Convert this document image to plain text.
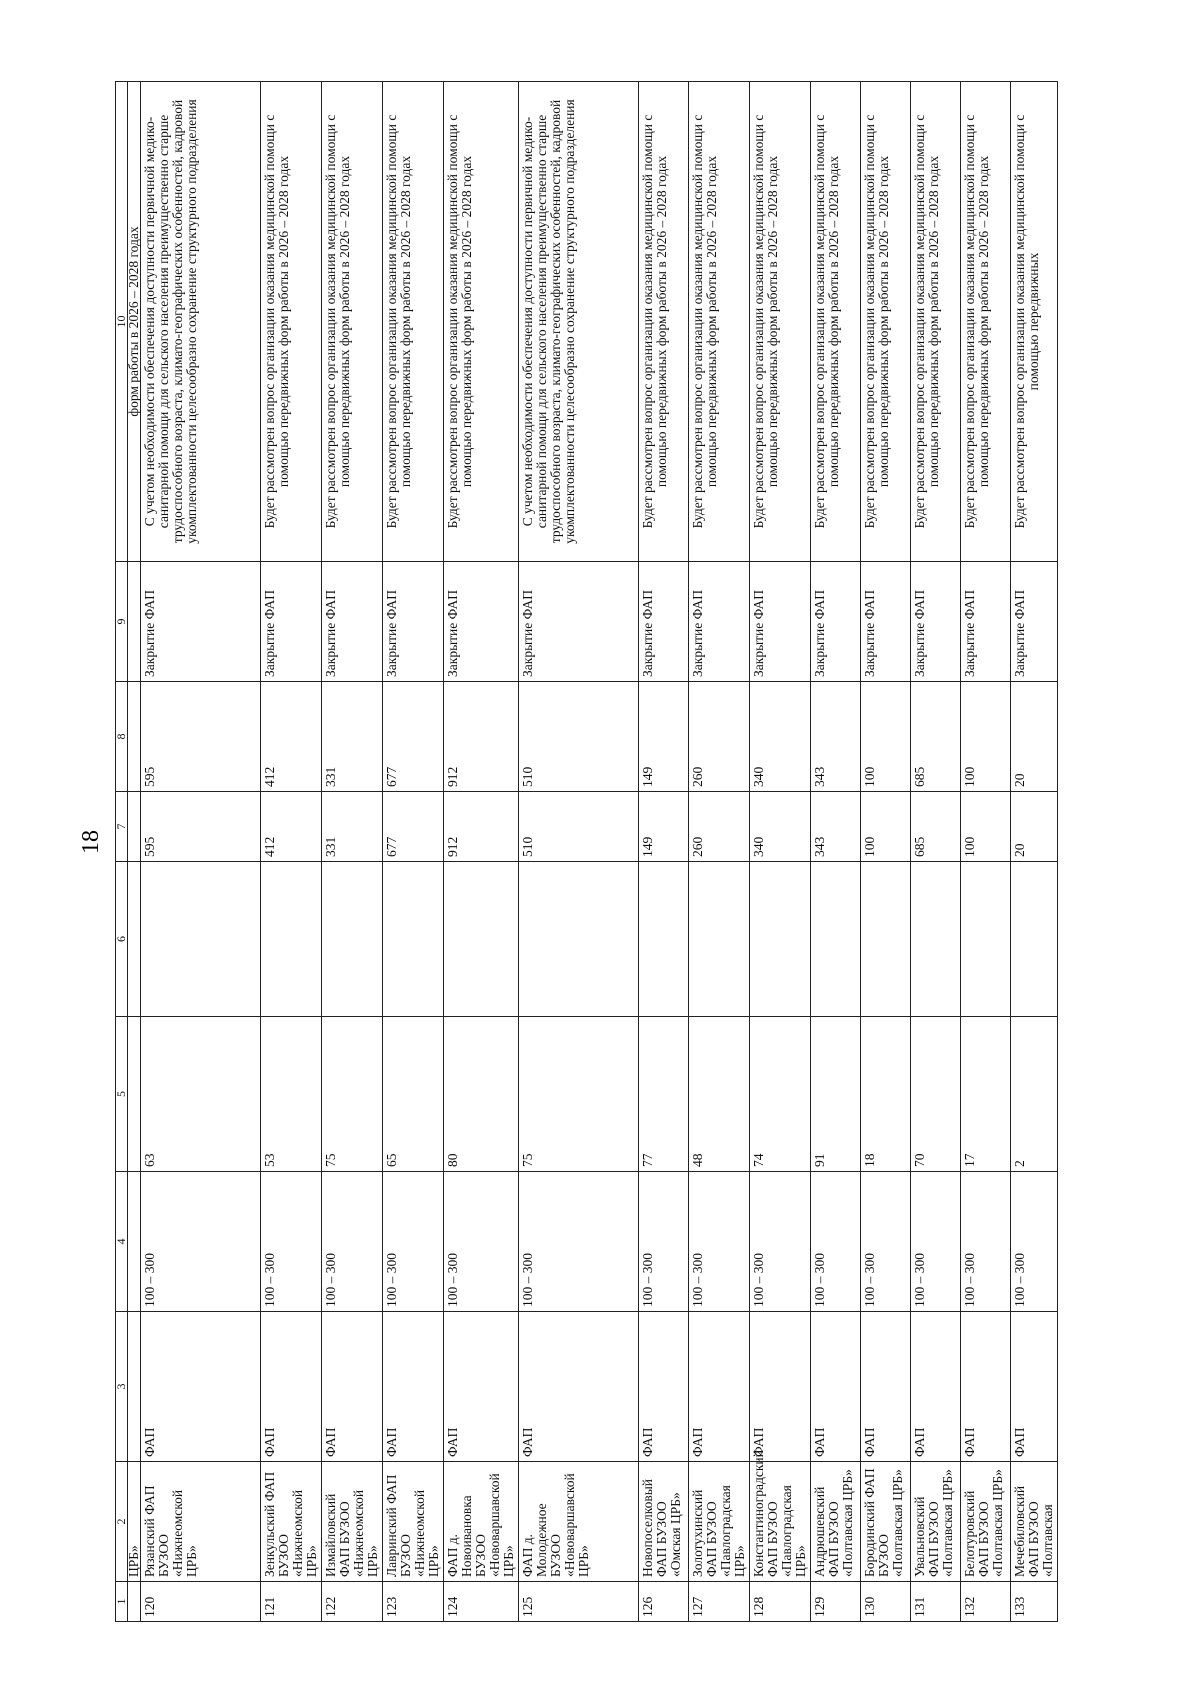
18
1	2	3	4	5	6	7	8	9	10
	ЦРБ»								форм работы в 2026 – 2028 годах
120	Рязанский ФАП БУЗОО «Нижнеомской ЦРБ»	ФАП	100 – 300	63		595	595	Закрытие ФАП	С учетом необходимости обеспечения доступности первичной медико-санитарной помощи для сельского населения преимущественно старше трудоспособного возраста, климато-географических особенностей, кадровой укомплектованности целесообразно сохранение структурного подразделения
121	Зенкульский ФАП БУЗОО «Нижнеомской ЦРБ»	ФАП	100 – 300	53		412	412	Закрытие ФАП	Будет рассмотрен вопрос организации оказания медицинской помощи с помощью передвижных форм работы в 2026 – 2028 годах
122	Измайловский ФАП БУЗОО «Нижнеомской ЦРБ»	ФАП	100 – 300	75		331	331	Закрытие ФАП	Будет рассмотрен вопрос организации оказания медицинской помощи с помощью передвижных форм работы в 2026 – 2028 годах
123	Лавринский ФАП БУЗОО «Нижнеомской ЦРБ»	ФАП	100 – 300	65		677	677	Закрытие ФАП	Будет рассмотрен вопрос организации оказания медицинской помощи с помощью передвижных форм работы в 2026 – 2028 годах
124	ФАП д. Новоивановка БУЗОО «Нововаршавской ЦРБ»	ФАП	100 – 300	80		912	912	Закрытие ФАП	Будет рассмотрен вопрос организации оказания медицинской помощи с помощью передвижных форм работы в 2026 – 2028 годах
125	ФАП д. Молодежное БУЗОО «Нововаршавской ЦРБ»	ФАП	100 – 300	75		510	510	Закрытие ФАП	С учетом необходимости обеспечения доступности первичной медико-санитарной помощи для сельского населения преимущественно старше трудоспособного возраста, климато-географических особенностей, кадровой укомплектованности целесообразно сохранение структурного подразделения
126	Новопоселковый ФАП БУЗОО «Омская ЦРБ»	ФАП	100 – 300	77		149	149	Закрытие ФАП	Будет рассмотрен вопрос организации оказания медицинской помощи с помощью передвижных форм работы в 2026 – 2028 годах
127	Золотухинский ФАП БУЗОО «Павлоградская ЦРБ»	ФАП	100 – 300	48		260	260	Закрытие ФАП	Будет рассмотрен вопрос организации оказания медицинской помощи с помощью передвижных форм работы в 2026 – 2028 годах
128	Константиноградский ФАП БУЗОО «Павлоградская ЦРБ»	ФАП	100 – 300	74		340	340	Закрытие ФАП	Будет рассмотрен вопрос организации оказания медицинской помощи с помощью передвижных форм работы в 2026 – 2028 годах
129	Андрюшевский ФАП БУЗОО «Полтавская ЦРБ»	ФАП	100 – 300	91		343	343	Закрытие ФАП	Будет рассмотрен вопрос организации оказания медицинской помощи с помощью передвижных форм работы в 2026 – 2028 годах
130	Бородинский ФАП БУЗОО «Полтавская ЦРБ»	ФАП	100 – 300	18		100	100	Закрытие ФАП	Будет рассмотрен вопрос организации оказания медицинской помощи с помощью передвижных форм работы в 2026 – 2028 годах
131	Увальновский ФАП БУЗОО «Полтавская ЦРБ»	ФАП	100 – 300	70		685	685	Закрытие ФАП	Будет рассмотрен вопрос организации оказания медицинской помощи с помощью передвижных форм работы в 2026 – 2028 годах
132	Белотуровский ФАП БУЗОО «Полтавская ЦРБ»	ФАП	100 – 300	17		100	100	Закрытие ФАП	Будет рассмотрен вопрос организации оказания медицинской помощи с помощью передвижных форм работы в 2026 – 2028 годах
133	Мечебиловский ФАП БУЗОО «Полтавская	ФАП	100 – 300	2		20	20	Закрытие ФАП	Будет рассмотрен вопрос организации оказания медицинской помощи с помощью передвижных
